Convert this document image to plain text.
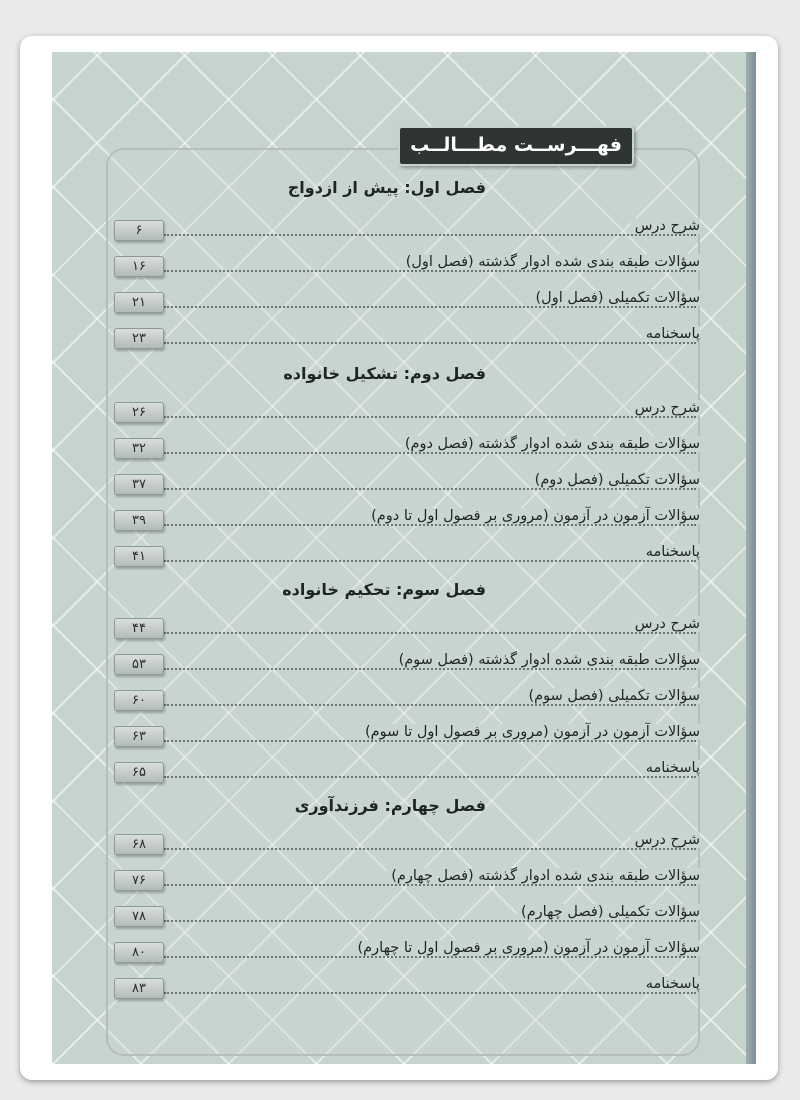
فهـــرســت مطـــالــب
فصل اول: پیش از ازدواج
شرح درس
۶
سؤالات طبقه بندی شده ادوار گذشته (فصل اول)
۱۶
سؤالات تکمیلی (فصل اول)
۲۱
پاسخنامه
۲۳
فصل دوم: تشکیل خانواده
شرح درس
۲۶
سؤالات طبقه بندی شده ادوار گذشته (فصل دوم)
۳۲
سؤالات تکمیلی (فصل دوم)
۳۷
سؤالات آزمون در آزمون (مروری بر فصول اول تا دوم)
۳۹
پاسخنامه
۴۱
فصل سوم: تحکیم خانواده
شرح درس
۴۴
سؤالات طبقه بندی شده ادوار گذشته (فصل سوم)
۵۳
سؤالات تکمیلی (فصل سوم)
۶۰
سؤالات آزمون در آزمون (مروری بر فصول اول تا سوم)
۶۳
پاسخنامه
۶۵
فصل چهارم: فرزندآوری
شرح درس
۶۸
سؤالات طبقه بندی شده ادوار گذشته (فصل چهارم)
۷۶
سؤالات تکمیلی (فصل چهارم)
۷۸
سؤالات آزمون در آزمون (مروری بر فصول اول تا چهارم)
۸۰
پاسخنامه
۸۳
